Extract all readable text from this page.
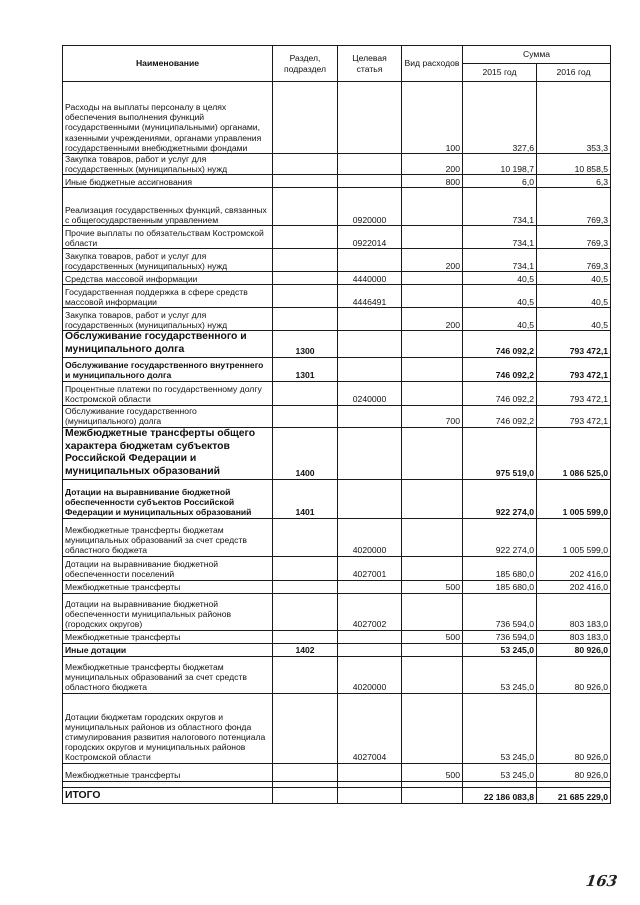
Наименование	Раздел, подраздел	Целевая статья	Вид расходов	Сумма	
				2015 год	2016 год
Расходы на выплаты персоналу в целях обеспечения выполнения функций государственными (муниципальными) органами, казенными учреждениями, органами управления государственными внебюджетными фондами			100	327,6	353,3
Закупка товаров, работ и услуг для государственных (муниципальных) нужд			200	10 198,7	10 858,5
Иные бюджетные ассигнования			800	6,0	6,3
Реализация государственных функций, связанных с общегосударственным управлением		0920000		734,1	769,3
Прочие выплаты по обязательствам Костромской области		0922014		734,1	769,3
Закупка товаров, работ и услуг для государственных (муниципальных) нужд			200	734,1	769,3
Средства массовой информации		4440000		40,5	40,5
Государственная поддержка в сфере средств массовой информации		4446491		40,5	40,5
Закупка товаров, работ и услуг для государственных (муниципальных) нужд			200	40,5	40,5
Обслуживание государственного и муниципального долга	1300			746 092,2	793 472,1
Обслуживание государственного внутреннего и муниципального долга	1301			746 092,2	793 472,1
Процентные платежи по государственному долгу Костромской области		0240000		746 092,2	793 472,1
Обслуживание государственного (муниципального) долга			700	746 092,2	793 472,1
Межбюджетные трансферты общего характера бюджетам субъектов Российской Федерации и муниципальных образований	1400			975 519,0	1 086 525,0
Дотации на выравнивание бюджетной обеспеченности субъектов Российской Федерации и муниципальных образований	1401			922 274,0	1 005 599,0
Межбюджетные трансферты бюджетам муниципальных образований за счет средств областного бюджета		4020000		922 274,0	1 005 599,0
Дотации на выравнивание бюджетной обеспеченности поселений		4027001		185 680,0	202 416,0
Межбюджетные трансферты			500	185 680,0	202 416,0
Дотации на выравнивание бюджетной обеспеченности муниципальных районов (городских округов)		4027002		736 594,0	803 183,0
Межбюджетные трансферты			500	736 594,0	803 183,0
Иные дотации	1402			53 245,0	80 926,0
Межбюджетные трансферты бюджетам муниципальных образований за счет средств областного бюджета		4020000		53 245,0	80 926,0
Дотации бюджетам городских округов и муниципальных районов из областного фонда стимулирования развития налогового потенциала городских округов и муниципальных районов Костромской области		4027004		53 245,0	80 926,0
Межбюджетные трансферты			500	53 245,0	80 926,0

ИТОГО				22 186 083,8	21 685 229,0
163
